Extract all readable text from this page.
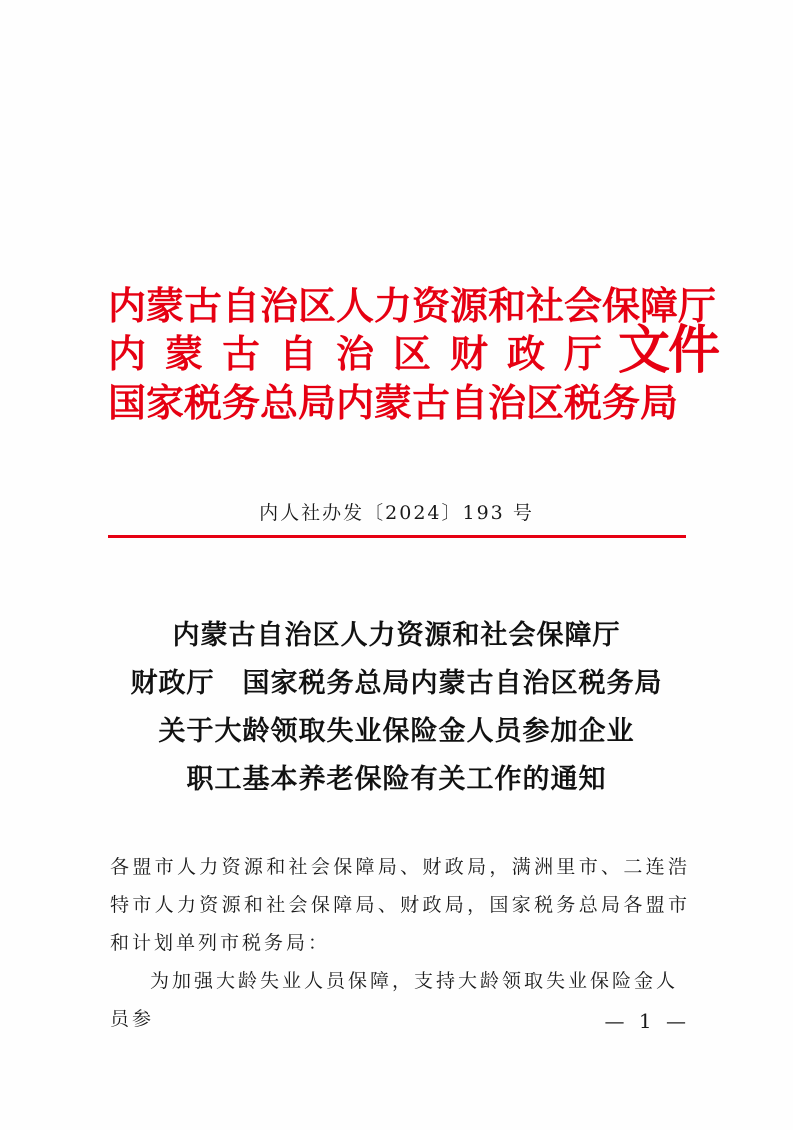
内蒙古自治区人力资源和社会保障厅
内蒙古自治区财政厅
国家税务总局内蒙古自治区税务局
文件
内人社办发〔2024〕193 号
内蒙古自治区人力资源和社会保障厅
财政厅　国家税务总局内蒙古自治区税务局
关于大龄领取失业保险金人员参加企业
职工基本养老保险有关工作的通知

各盟市人力资源和社会保障局、财政局，满洲里市、二连浩特市人力资源和社会保障局、财政局，国家税务总局各盟市和计划单列市税务局：

为加强大龄失业人员保障，支持大龄领取失业保险金人员参	— 1 —
